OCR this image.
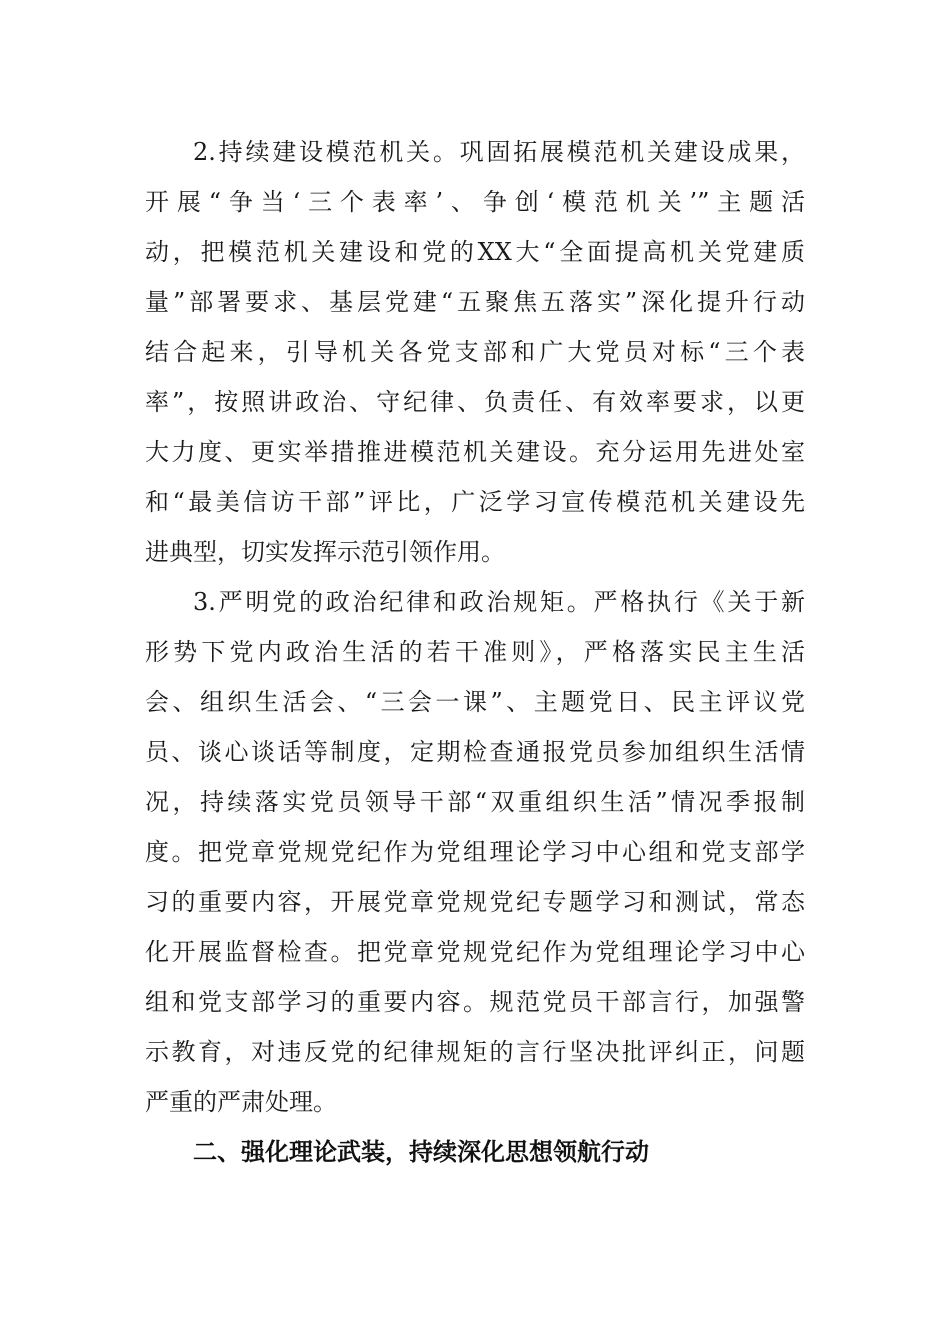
2.持续建设模范机关。巩固拓展模范机关建设成果，
开展“争当‘三个表率’、争创‘模范机关’”主题活
动，把模范机关建设和党的XX大“全面提高机关党建质
量”部署要求、基层党建“五聚焦五落实”深化提升行动
结合起来，引导机关各党支部和广大党员对标“三个表
率”，按照讲政治、守纪律、负责任、有效率要求，以更
大力度、更实举措推进模范机关建设。充分运用先进处室
和“最美信访干部”评比，广泛学习宣传模范机关建设先
进典型，切实发挥示范引领作用。
3.严明党的政治纪律和政治规矩。严格执行《关于新
形势下党内政治生活的若干准则》，严格落实民主生活
会、组织生活会、“三会一课”、主题党日、民主评议党
员、谈心谈话等制度，定期检查通报党员参加组织生活情
况，持续落实党员领导干部“双重组织生活”情况季报制
度。把党章党规党纪作为党组理论学习中心组和党支部学
习的重要内容，开展党章党规党纪专题学习和测试，常态
化开展监督检查。把党章党规党纪作为党组理论学习中心
组和党支部学习的重要内容。规范党员干部言行，加强警
示教育，对违反党的纪律规矩的言行坚决批评纠正，问题
严重的严肃处理。
二、强化理论武装，持续深化思想领航行动
